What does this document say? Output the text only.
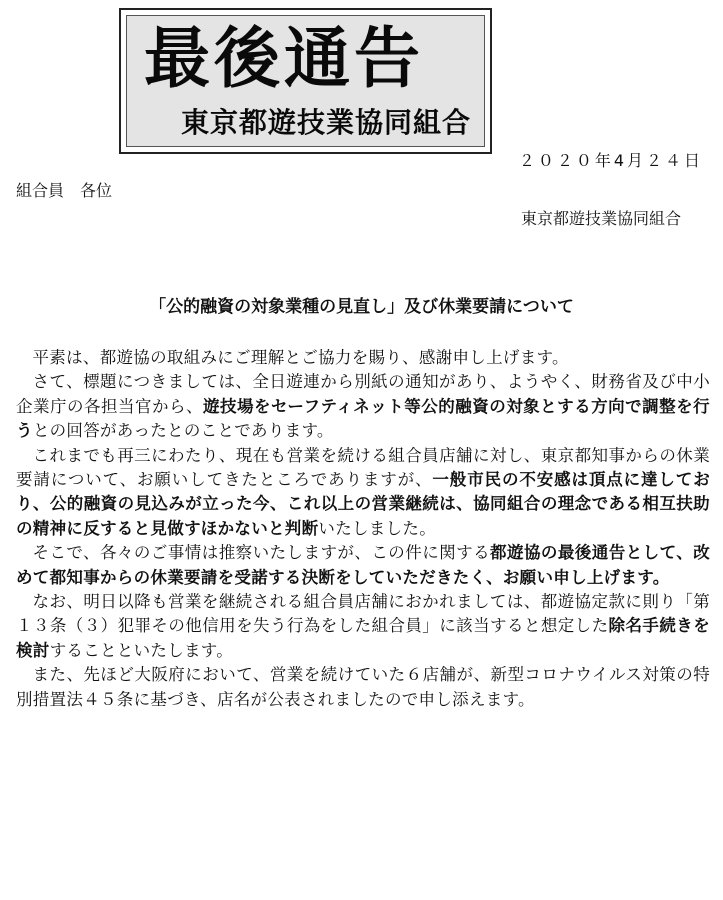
最後通告
東京都遊技業協同組合
２０２０年4月２４日
組合員　各位
東京都遊技業協同組合
「公的融資の対象業種の見直し」及び休業要請について

平素は、都遊協の取組みにご理解とご協力を賜り、感謝申し上げます。

さて、標題につきましては、全日遊連から別紙の通知があり、ようやく、財務省及び中小企業庁の各担当官から、遊技場をセーフティネット等公的融資の対象とする方向で調整を行うとの回答があったとのことであります。

これまでも再三にわたり、現在も営業を続ける組合員店舗に対し、東京都知事からの休業要請について、お願いしてきたところでありますが、一般市民の不安感は頂点に達しており、公的融資の見込みが立った今、これ以上の営業継続は、協同組合の理念である相互扶助の精神に反すると見做すほかないと判断いたしました。

そこで、各々のご事情は推察いたしますが、この件に関する都遊協の最後通告として、改めて都知事からの休業要請を受諾する決断をしていただきたく、お願い申し上げます。

なお、明日以降も営業を継続される組合員店舗におかれましては、都遊協定款に則り「第１３条（３）犯罪その他信用を失う行為をした組合員」に該当すると想定した除名手続きを検討することといたします。

また、先ほど大阪府において、営業を続けていた６店舗が、新型コロナウイルス対策の特別措置法４５条に基づき、店名が公表されましたので申し添えます。
